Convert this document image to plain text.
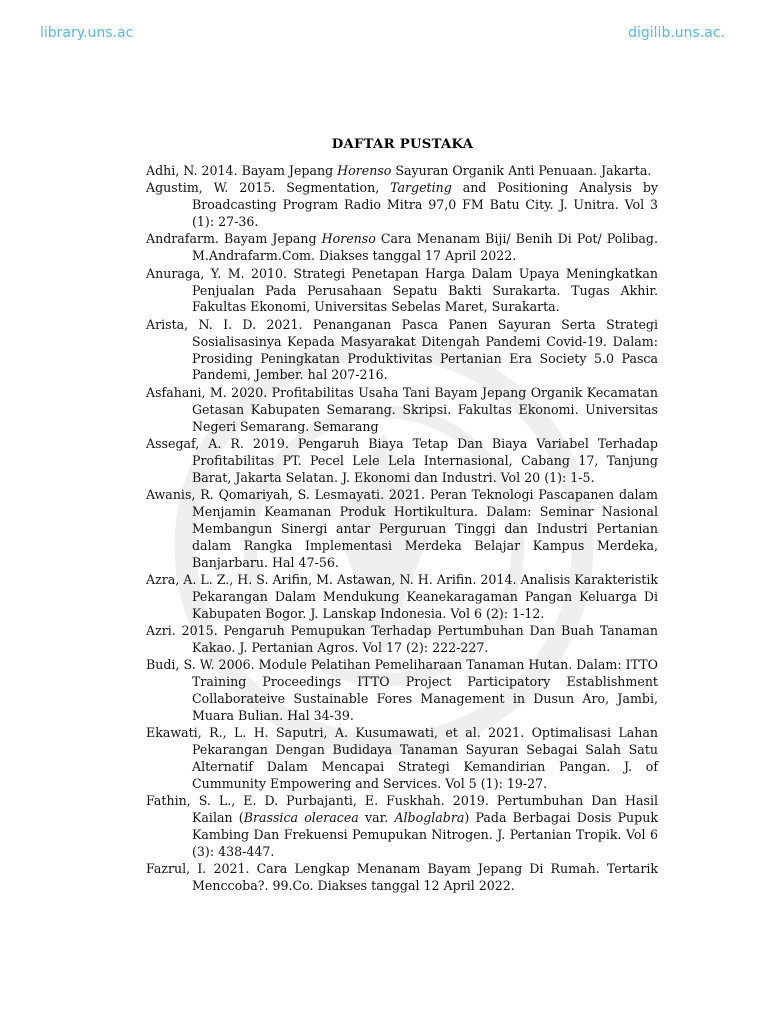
library.uns.ac	digilib.uns.ac.
DAFTAR PUSTAKA
Adhi, N. 2014. Bayam Jepang Horenso Sayuran Organik Anti Penuaan. Jakarta.
Agustim, W. 2015. Segmentation, Targeting and Positioning Analysis by Broadcasting Program Radio Mitra 97,0 FM Batu City. J. Unitra. Vol 3 (1): 27-36.
Andrafarm. Bayam Jepang Horenso Cara Menanam Biji/ Benih Di Pot/ Polibag. M.Andrafarm.Com. Diakses tanggal 17 April 2022.
Anuraga, Y. M. 2010. Strategi Penetapan Harga Dalam Upaya Meningkatkan Penjualan Pada Perusahaan Sepatu Bakti Surakarta. Tugas Akhir. Fakultas Ekonomi, Universitas Sebelas Maret, Surakarta.
Arista, N. I. D. 2021. Penanganan Pasca Panen Sayuran Serta Strategi Sosialisasinya Kepada Masyarakat Ditengah Pandemi Covid-19. Dalam: Prosiding Peningkatan Produktivitas Pertanian Era Society 5.0 Pasca Pandemi, Jember. hal 207-216.
Asfahani, M. 2020. Profitabilitas Usaha Tani Bayam Jepang Organik Kecamatan Getasan Kabupaten Semarang. Skripsi. Fakultas Ekonomi. Universitas Negeri Semarang. Semarang
Assegaf, A. R. 2019. Pengaruh Biaya Tetap Dan Biaya Variabel Terhadap Profitabilitas PT. Pecel Lele Lela Internasional, Cabang 17, Tanjung Barat, Jakarta Selatan. J. Ekonomi dan Industri. Vol 20 (1): 1-5.
Awanis, R. Qomariyah, S. Lesmayati. 2021. Peran Teknologi Pascapanen dalam Menjamin Keamanan Produk Hortikultura. Dalam: Seminar Nasional Membangun Sinergi antar Perguruan Tinggi dan Industri Pertanian dalam Rangka Implementasi Merdeka Belajar Kampus Merdeka, Banjarbaru. Hal 47-56.
Azra, A. L. Z., H. S. Arifin, M. Astawan, N. H. Arifin. 2014. Analisis Karakteristik Pekarangan Dalam Mendukung Keanekaragaman Pangan Keluarga Di Kabupaten Bogor. J. Lanskap Indonesia. Vol 6 (2): 1-12.
Azri. 2015. Pengaruh Pemupukan Terhadap Pertumbuhan Dan Buah Tanaman Kakao. J. Pertanian Agros. Vol 17 (2): 222-227.
Budi, S. W. 2006. Module Pelatihan Pemeliharaan Tanaman Hutan. Dalam: ITTO Training Proceedings ITTO Project Participatory Establishment Collaborateive Sustainable Fores Management in Dusun Aro, Jambi, Muara Bulian. Hal 34-39.
Ekawati, R., L. H. Saputri, A. Kusumawati, et al. 2021. Optimalisasi Lahan Pekarangan Dengan Budidaya Tanaman Sayuran Sebagai Salah Satu Alternatif Dalam Mencapai Strategi Kemandirian Pangan. J. of Cummunity Empowering and Services. Vol 5 (1): 19-27.
Fathin, S. L., E. D. Purbajanti, E. Fuskhah. 2019. Pertumbuhan Dan Hasil Kailan (Brassica oleracea var. Alboglabra) Pada Berbagai Dosis Pupuk Kambing Dan Frekuensi Pemupukan Nitrogen. J. Pertanian Tropik. Vol 6 (3): 438-447.
Fazrul, I. 2021. Cara Lengkap Menanam Bayam Jepang Di Rumah. Tertarik Menccoba?. 99.Co. Diakses tanggal 12 April 2022.
